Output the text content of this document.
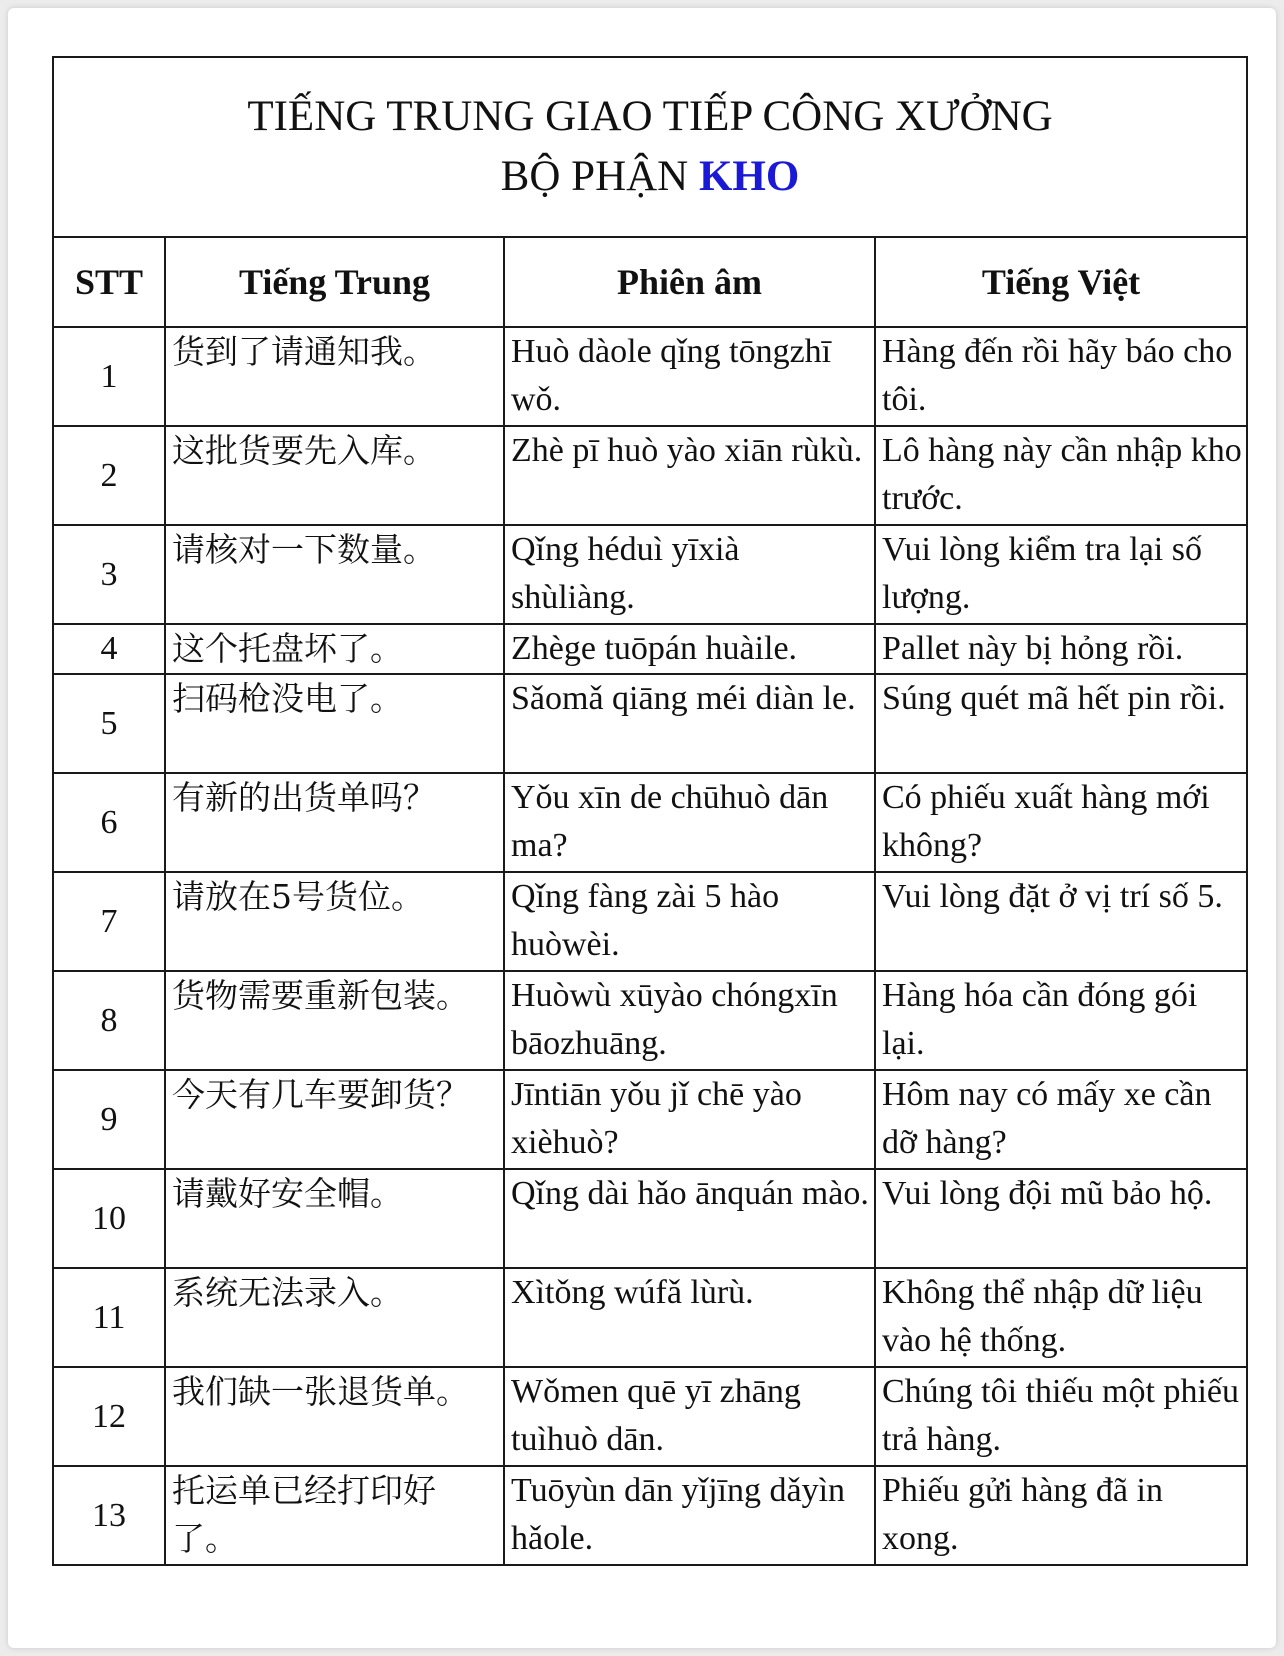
TIẾNG TRUNG GIAO TIẾP CÔNG XƯỞNG
BỘ PHẬN KHO			

STT	Tiếng Trung	Phiên âm	Tiếng Việt
1	货到了请通知我。	Huò dàole qǐng tōngzhī wǒ.	Hàng đến rồi hãy báo cho tôi.
2	这批货要先入库。	Zhè pī huò yào xiān rùkù.	Lô hàng này cần nhập kho trước.
3	请核对一下数量。	Qǐng héduì yīxià shùliàng.	Vui lòng kiểm tra lại số lượng.
4	这个托盘坏了。	Zhège tuōpán huàile.	Pallet này bị hỏng rồi.
5	扫码枪没电了。	Sǎomǎ qiāng méi diàn le.	Súng quét mã hết pin rồi.
6	有新的出货单吗？	Yǒu xīn de chūhuò dān ma?	Có phiếu xuất hàng mới không?
7	请放在5号货位。	Qǐng fàng zài 5 hào huòwèi.	Vui lòng đặt ở vị trí số 5.
8	货物需要重新包装。	Huòwù xūyào chóngxīn bāozhuāng.	Hàng hóa cần đóng gói lại.
9	今天有几车要卸货？	Jīntiān yǒu jǐ chē yào xièhuò?	Hôm nay có mấy xe cần dỡ hàng?
10	请戴好安全帽。	Qǐng dài hǎo ānquán mào.	Vui lòng đội mũ bảo hộ.
11	系统无法录入。	Xìtǒng wúfǎ lùrù.	Không thể nhập dữ liệu vào hệ thống.
12	我们缺一张退货单。	Wǒmen quē yī zhāng tuìhuò dān.	Chúng tôi thiếu một phiếu trả hàng.
13	托运单已经打印好了。	Tuōyùn dān yǐjīng dǎyìn hǎole.	Phiếu gửi hàng đã in xong.
